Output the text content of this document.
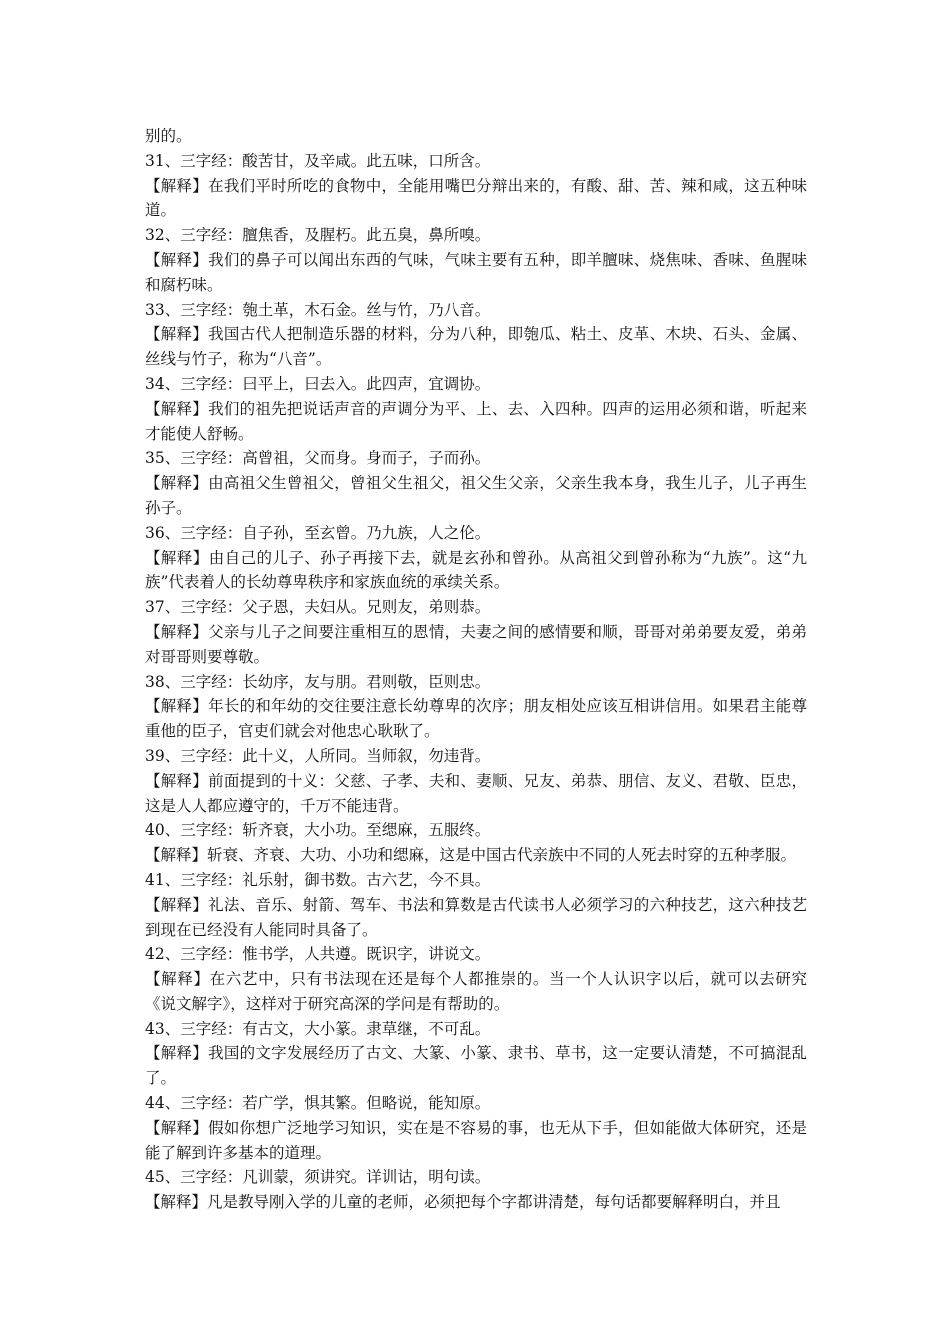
别的。

31、三字经：酸苦甘，及辛咸。此五味，口所含。

【解释】在我们平时所吃的食物中，全能用嘴巴分辩出来的，有酸、甜、苦、辣和咸，这五种味道。

32、三字经：膻焦香，及腥朽。此五臭，鼻所嗅。

【解释】我们的鼻子可以闻出东西的气味，气味主要有五种，即羊膻味、烧焦味、香味、鱼腥味和腐朽味。

33、三字经：匏土革，木石金。丝与竹，乃八音。

【解释】我国古代人把制造乐器的材料，分为八种，即匏瓜、粘土、皮革、木块、石头、金属、丝线与竹子，称为“八音”。

34、三字经：曰平上，曰去入。此四声，宜调协。

【解释】我们的祖先把说话声音的声调分为平、上、去、入四种。四声的运用必须和谐，听起来才能使人舒畅。

35、三字经：高曾祖，父而身。身而子，子而孙。

【解释】由高祖父生曾祖父，曾祖父生祖父，祖父生父亲，父亲生我本身，我生儿子，儿子再生孙子。

36、三字经：自子孙，至玄曾。乃九族，人之伦。

【解释】由自己的儿子、孙子再接下去，就是玄孙和曾孙。从高祖父到曾孙称为“九族”。这“九族”代表着人的长幼尊卑秩序和家族血统的承续关系。

37、三字经：父子恩，夫妇从。兄则友，弟则恭。

【解释】父亲与儿子之间要注重相互的恩情，夫妻之间的感情要和顺，哥哥对弟弟要友爱，弟弟对哥哥则要尊敬。

38、三字经：长幼序，友与朋。君则敬，臣则忠。

【解释】年长的和年幼的交往要注意长幼尊卑的次序；朋友相处应该互相讲信用。如果君主能尊重他的臣子，官吏们就会对他忠心耿耿了。

39、三字经：此十义，人所同。当师叙，勿违背。

【解释】前面提到的十义：父慈、子孝、夫和、妻顺、兄友、弟恭、朋信、友义、君敬、臣忠，这是人人都应遵守的，千万不能违背。

40、三字经：斩齐衰，大小功。至缌麻，五服终。

【解释】斩衰、齐衰、大功、小功和缌麻，这是中国古代亲族中不同的人死去时穿的五种孝服。

41、三字经：礼乐射，御书数。古六艺，今不具。

【解释】礼法、音乐、射箭、驾车、书法和算数是古代读书人必须学习的六种技艺，这六种技艺到现在已经没有人能同时具备了。

42、三字经：惟书学，人共遵。既识字，讲说文。

【解释】在六艺中，只有书法现在还是每个人都推崇的。当一个人认识字以后，就可以去研究《说文解字》，这样对于研究高深的学问是有帮助的。

43、三字经：有古文，大小篆。隶草继，不可乱。

【解释】我国的文字发展经历了古文、大篆、小篆、隶书、草书，这一定要认清楚，不可搞混乱了。

44、三字经：若广学，惧其繁。但略说，能知原。

【解释】假如你想广泛地学习知识，实在是不容易的事，也无从下手，但如能做大体研究，还是能了解到许多基本的道理。

45、三字经：凡训蒙，须讲究。详训诂，明句读。

【解释】凡是教导刚入学的儿童的老师，必须把每个字都讲清楚，每句话都要解释明白，并且
